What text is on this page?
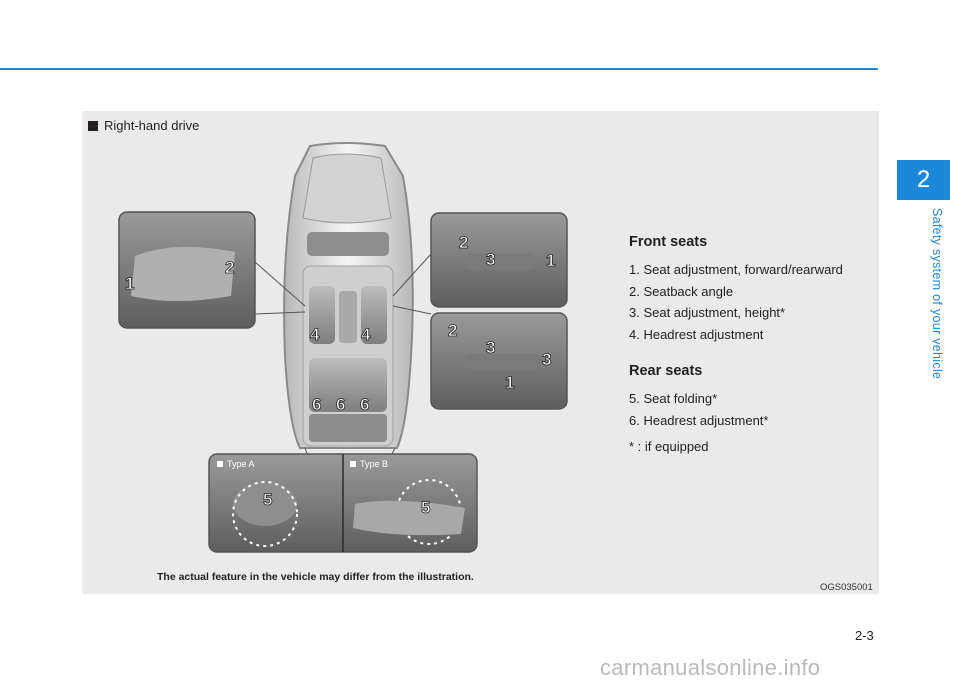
2
Safety system of your vehicle
Right-hand drive
1
2
2
3	1
2
3
3
1
4 4
6 6 6
5	5
Type A	Type B
Front seats
1. Seat adjustment, forward/rearward
2. Seatback angle
3. Seat adjustment, height*
4. Headrest adjustment
Rear seats
5. Seat folding*
6. Headrest adjustment*
* : if equipped
The actual feature in the vehicle may differ from the illustration.
OGS035001
2-3
carmanualsonline.info
